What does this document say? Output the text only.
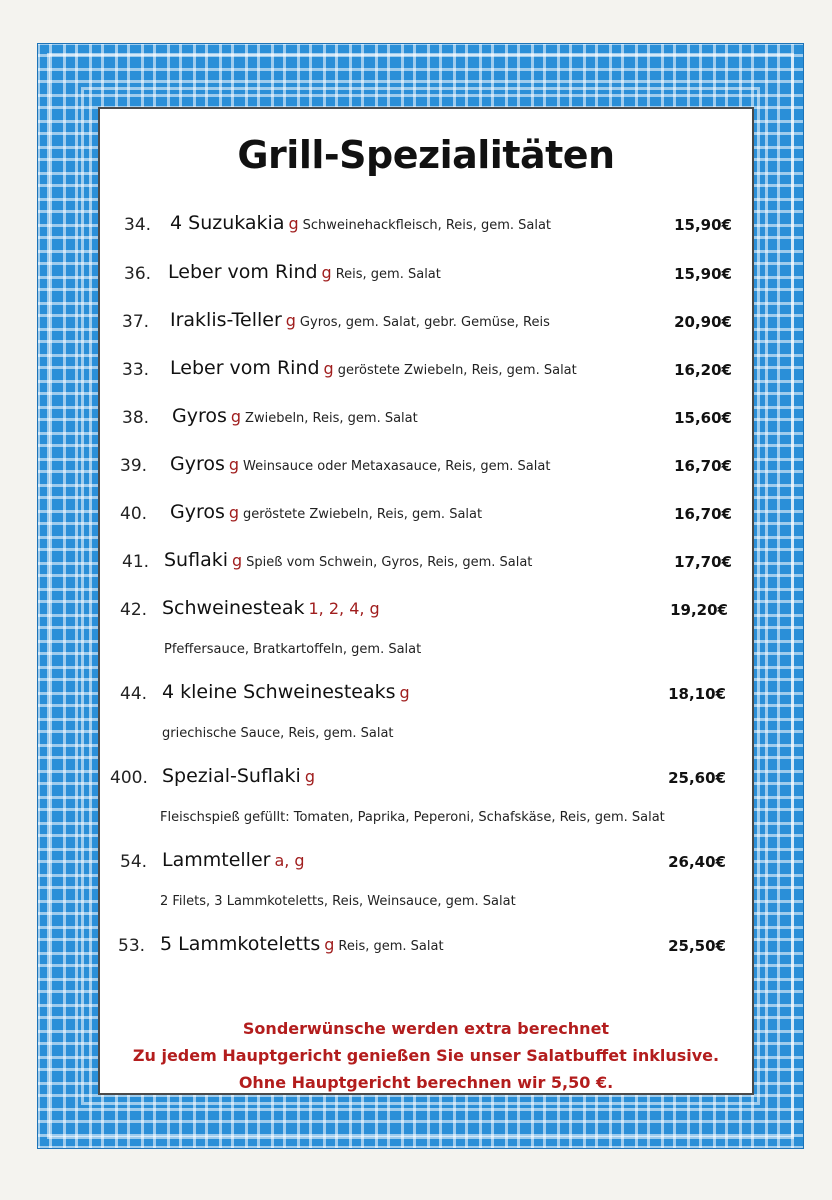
Grill-Spezialitäten
34. 4 Suzukakia g Schweinehackfleisch, Reis, gem. Salat	15,90€
36. Leber vom Rind g Reis, gem. Salat	15,90€
37. Iraklis-Teller g Gyros, gem. Salat, gebr. Gemüse, Reis	20,90€
33. Leber vom Rind g geröstete Zwiebeln, Reis, gem. Salat	16,20€
38. Gyros g Zwiebeln, Reis, gem. Salat	15,60€
39. Gyros g Weinsauce oder Metaxasauce, Reis, gem. Salat	16,70€
40. Gyros g geröstete Zwiebeln, Reis, gem. Salat	16,70€
41. Suflaki g Spieß vom Schwein, Gyros, Reis, gem. Salat	17,70€
42. Schweinesteak 1, 2, 4, g	19,20€
Pfeffersauce, Bratkartoffeln, gem. Salat
44. 4 kleine Schweinesteaks g	18,10€
griechische Sauce, Reis, gem. Salat
400. Spezial-Suflaki g	25,60€
Fleischspieß gefüllt: Tomaten, Paprika, Peperoni, Schafskäse, Reis, gem. Salat
54. Lammteller a, g	26,40€
2 Filets, 3 Lammkoteletts, Reis, Weinsauce, gem. Salat
53. 5 Lammkoteletts g Reis, gem. Salat	25,50€
Sonderwünsche werden extra berechnet
Zu jedem Hauptgericht genießen Sie unser Salatbuffet inklusive.
Ohne Hauptgericht berechnen wir 5,50 €.
